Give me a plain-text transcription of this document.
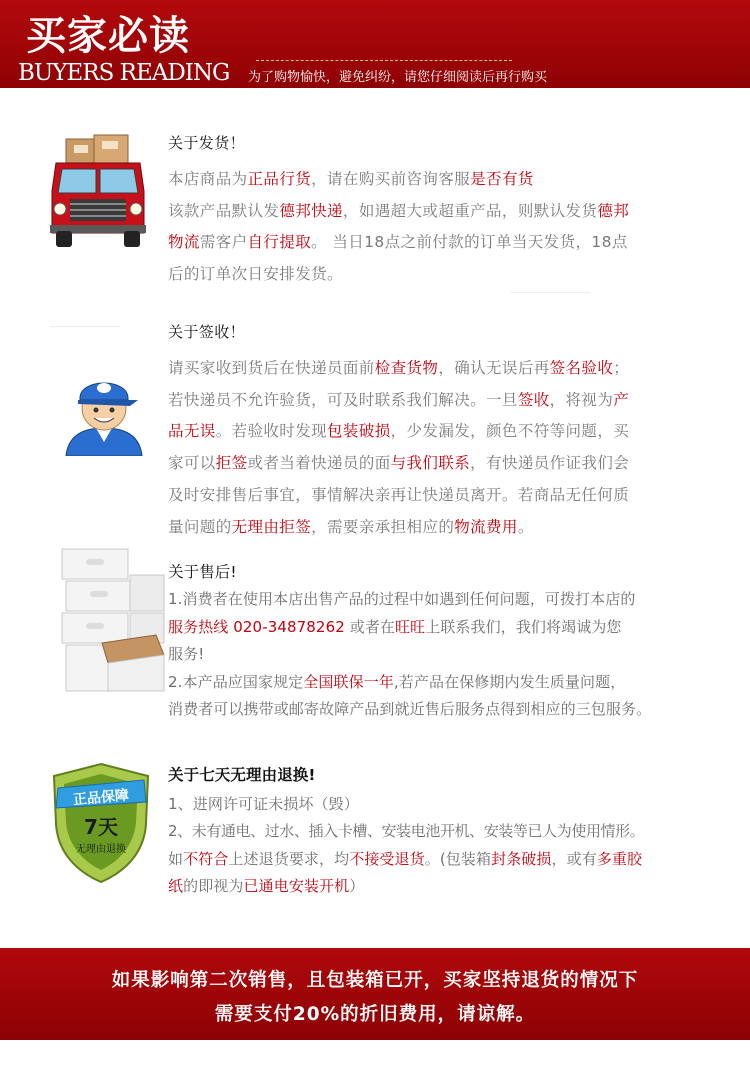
买家必读
BUYERS READING 为了购物愉快，避免纠纷，请您仔细阅读后再行购买
关于发货！
本店商品为正品行货，请在购买前咨询客服是否有货
该款产品默认发德邦快递，如遇超大或超重产品，则默认发货德邦
物流需客户自行提取。 当日18点之前付款的订单当天发货，18点
后的订单次日安排发货。
关于签收！
请买家收到货后在快递员面前检查货物，确认无误后再签名验收；
若快递员不允许验货，可及时联系我们解决。一旦签收，将视为产
品无误。若验收时发现包装破损，少发漏发，颜色不符等问题，买
家可以拒签或者当着快递员的面与我们联系，有快递员作证我们会
及时安排售后事宜，事情解决亲再让快递员离开。若商品无任何质
量问题的无理由拒签，需要亲承担相应的物流费用。
关于售后!
1.消费者在使用本店出售产品的过程中如遇到任何问题，可拨打本店的
服务热线 020-34878262 或者在旺旺上联系我们，我们将竭诚为您
服务!
2.本产品应国家规定全国联保一年,若产品在保修期内发生质量问题，
消费者可以携带或邮寄故障产品到就近售后服务点得到相应的三包服务。
正品保障
7天
无理由退换
关于七天无理由退换!
1、进网许可证未损坏（毁）
2、未有通电、过水、插入卡槽、安装电池开机、安装等已人为使用情形。
如不符合上述退货要求，均不接受退货。(包装箱封条破损，或有多重胶
纸的即视为已通电安装开机）
如果影响第二次销售，且包装箱已开，买家坚持退货的情况下
需要支付20%的折旧费用，请谅解。
